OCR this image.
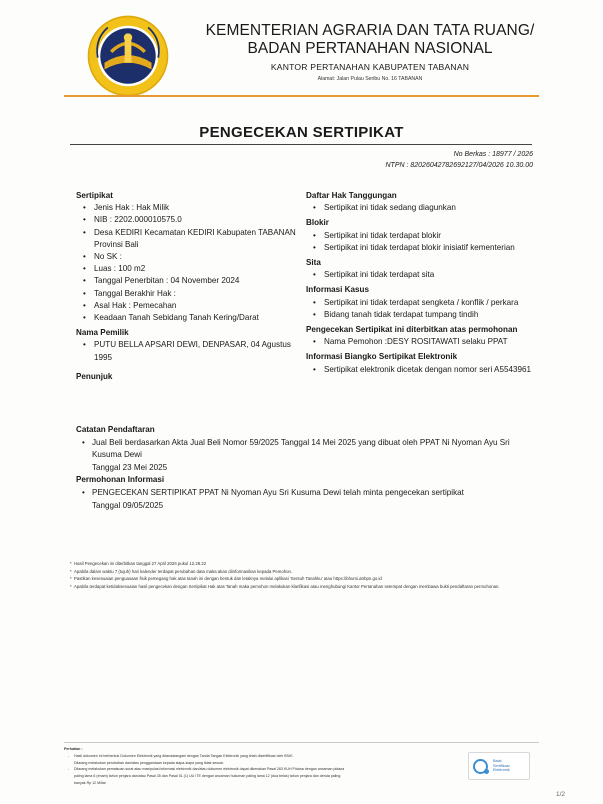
KEMENTERIAN AGRARIA DAN TATA RUANG/
BADAN PERTANAHAN NASIONAL
KANTOR PERTANAHAN KABUPATEN TABANAN
Alamat: Jalan Pulau Seribu No. 16 TABANAN
PENGECEKAN SERTIPIKAT
No Berkas : 18977 / 2026
NTPN : 82026042782692127/04/2026 10.30.00

Sertipikat

• Jenis Hak : Hak Milik
• NIB : 2202.000010575.0
• Desa KEDIRI Kecamatan KEDIRI Kabupaten TABANAN Provinsi Bali
• No SK :
• Luas : 100 m2
• Tanggal Penerbitan : 04 November 2024
• Tanggal Berakhir Hak :
• Asal Hak : Pemecahan
• Keadaan Tanah Sebidang Tanah Kering/Darat

Nama Pemilik

• PUTU BELLA APSARI DEWI, DENPASAR, 04 Agustus 1995

Penunjuk

Daftar Hak Tanggungan

• Sertipikat ini tidak sedang diagunkan

Blokir

• Sertipikat ini tidak terdapat blokir
• Sertipikat ini tidak terdapat blokir inisiatif kementerian

Sita

• Sertipikat ini tidak terdapat sita

Informasi Kasus

• Sertipikat ini tidak terdapat sengketa / konflik / perkara
• Bidang tanah tidak terdapat tumpang tindih

Pengecekan Sertipikat ini diterbitkan atas permohonan

• Nama Pemohon :DESY ROSITAWATI selaku PPAT

Informasi Biangko Sertipikat Elektronik

• Sertipikat elektronik dicetak dengan nomor seri A5543961

Catatan Pendaftaran

• Jual Beli berdasarkan Akta Jual Beli Nomor 59/2025 Tanggal 14 Mei 2025 yang dibuat oleh PPAT Ni Nyoman Ayu Sri Kusuma Dewi
Tanggal 23 Mei 2025

Permohonan Informasi

• PENGECEKAN SERTIPIKAT PPAT Ni Nyoman Ayu Sri Kusuma Dewi telah minta pengecekan sertipikat
Tanggal 09/05/2025
* Hasil Pengecekan ini diterbitkan tanggal 27 April 2026 pukul 12.28.22
* Apabila dalam waktu 7 (tujuh) hari kalender terdapat perubahan data maka akan diinformasikan kepada Pemohon.
* Pastikan kesesuaian penguasaan fisik pemegang hak atas tanah ini dengan bentuk dan letaknya melalui aplikasi 'Sentuh Tanahku' atau https://bhumi.atrbpn.go.id
* Apabila terdapat ketidaksesuaian hasil pengecekan dengan Sertipikat Hak atas Tanah maka pemohon melakukan klarifikasi atau menghubungi Kantor Pertanahan setempat dengan membawa bukti pendaftaran permohonan.
Perhatian :
- Hasil dokumen ini berbentuk Dokumen Elektronik yang ditandatangani dengan Tanda Tangan Elektronik yang telah disertifikasi oleh BSrE.
Dilarang melakukan perubahan dan/atau penggandaan kepada siapa-siapa yang tidak sesuai.
- Dilarang melakukan pemalsuan surat atau manipulasi informasi elektronik dan/atau dokumen elektronik dapat dikenakan Pasal 263 KUH Pidana dengan ancaman pidana
paling lama 6 (enam) tahun penjara dan/atau Pasal 35 dan Pasal 51 (1) UU ITE dengan ancaman hukuman paling lama 12 (dua belas) tahun penjara dan denda paling
banyak Rp 12 Miliar
Balai
Sertifikasi
Elektronik
1/2
